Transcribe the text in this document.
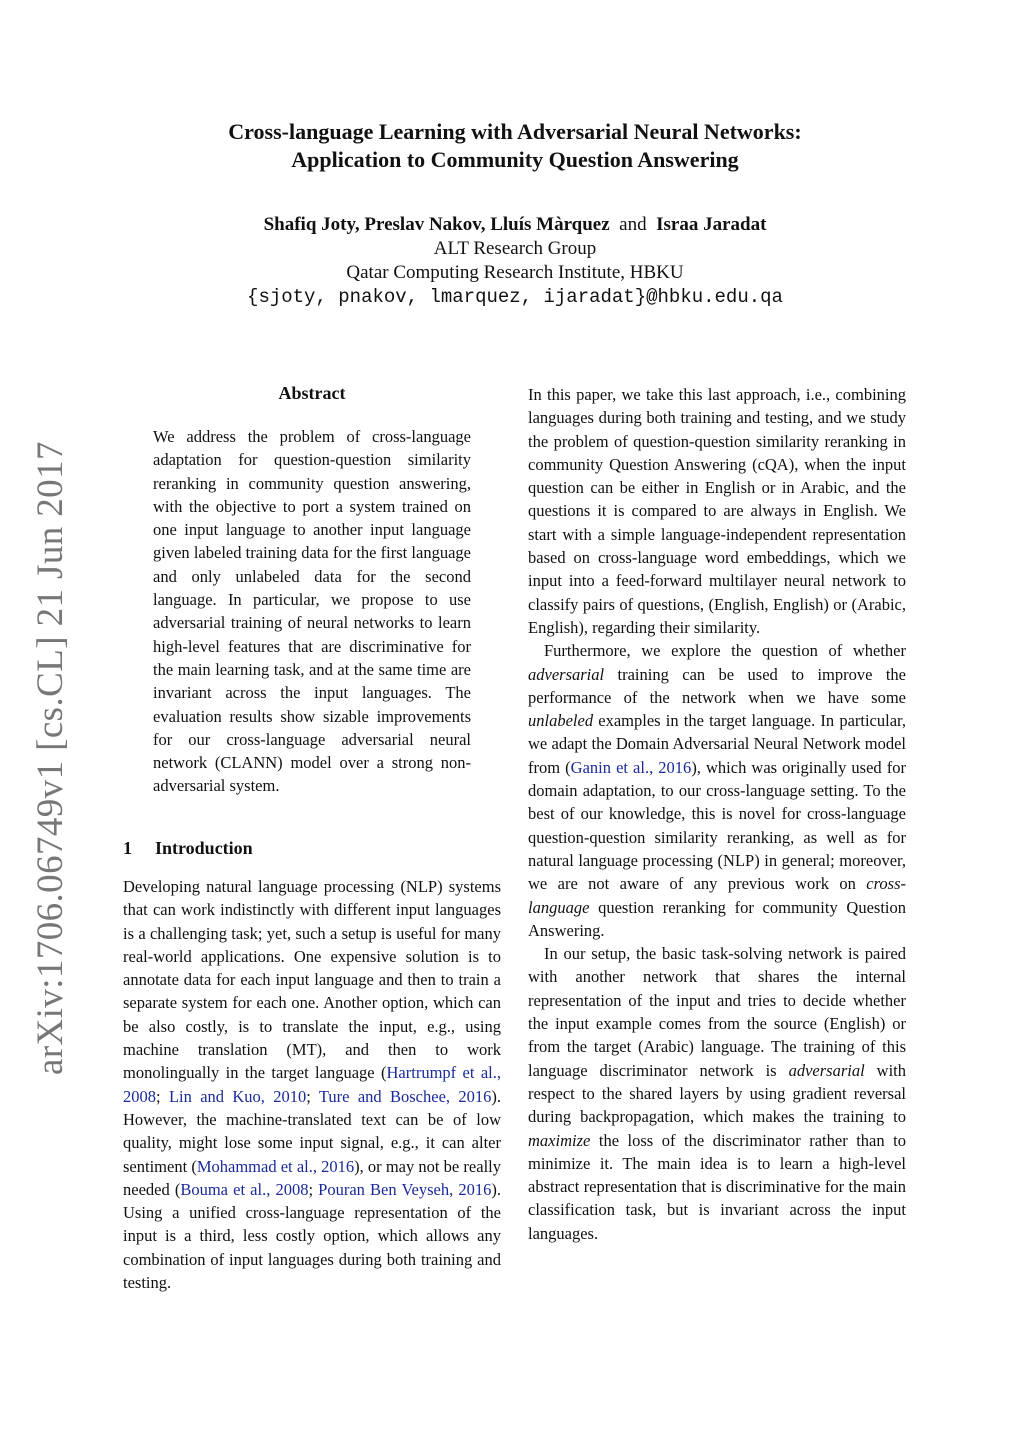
arXiv:1706.06749v1 [cs.CL] 21 Jun 2017
Cross-language Learning with Adversarial Neural Networks:
Application to Community Question Answering
Shafiq Joty, Preslav Nakov, Lluís Màrquez and Israa Jaradat
ALT Research Group
Qatar Computing Research Institute, HBKU
{sjoty, pnakov, lmarquez, ijaradat}@hbku.edu.qa
Abstract

We address the problem of cross-language adaptation for question-question similarity reranking in community question answering, with the objective to port a system trained on one input language to another input language given labeled training data for the first language and only unlabeled data for the second language. In particular, we propose to use adversarial training of neural networks to learn high-level features that are discriminative for the main learning task, and at the same time are invariant across the input languages. The evaluation results show sizable improvements for our cross-language adversarial neural network (CLANN) model over a strong non-adversarial system.

1 Introduction

Developing natural language processing (NLP) systems that can work indistinctly with different input languages is a challenging task; yet, such a setup is useful for many real-world applications. One expensive solution is to annotate data for each input language and then to train a separate system for each one. Another option, which can be also costly, is to translate the input, e.g., using machine translation (MT), and then to work monolingually in the target language (Hartrumpf et al., 2008; Lin and Kuo, 2010; Ture and Boschee, 2016). However, the machine-translated text can be of low quality, might lose some input signal, e.g., it can alter sentiment (Mohammad et al., 2016), or may not be really needed (Bouma et al., 2008; Pouran Ben Veyseh, 2016). Using a unified cross-language representation of the input is a third, less costly option, which allows any combination of input languages during both training and testing.

In this paper, we take this last approach, i.e., combining languages during both training and testing, and we study the problem of question-question similarity reranking in community Question Answering (cQA), when the input question can be either in English or in Arabic, and the questions it is compared to are always in English. We start with a simple language-independent representation based on cross-language word embeddings, which we input into a feed-forward multilayer neural network to classify pairs of questions, (English, English) or (Arabic, English), regarding their similarity.

Furthermore, we explore the question of whether adversarial training can be used to improve the performance of the network when we have some unlabeled examples in the target language. In particular, we adapt the Domain Adversarial Neural Network model from (Ganin et al., 2016), which was originally used for domain adaptation, to our cross-language setting. To the best of our knowledge, this is novel for cross-language question-question similarity reranking, as well as for natural language processing (NLP) in general; moreover, we are not aware of any previous work on cross-language question reranking for community Question Answering.

In our setup, the basic task-solving network is paired with another network that shares the internal representation of the input and tries to decide whether the input example comes from the source (English) or from the target (Arabic) language. The training of this language discriminator network is adversarial with respect to the shared layers by using gradient reversal during backpropagation, which makes the training to maximize the loss of the discriminator rather than to minimize it. The main idea is to learn a high-level abstract representation that is discriminative for the main classification task, but is invariant across the input languages.
